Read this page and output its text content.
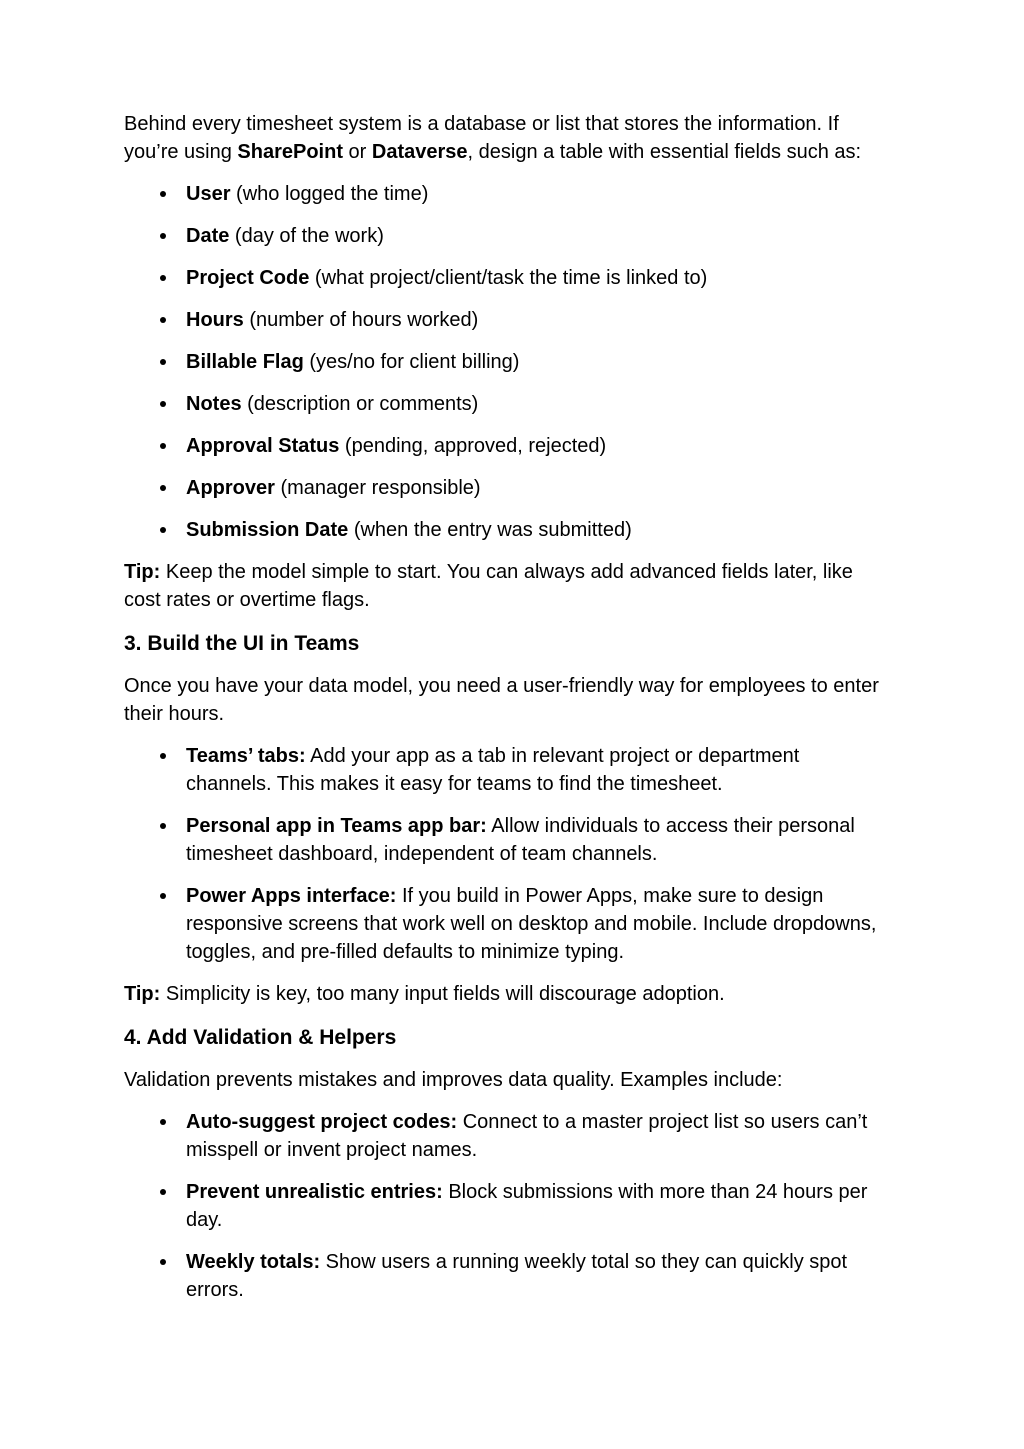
Behind every timesheet system is a database or list that stores the information. If you’re using SharePoint or Dataverse, design a table with essential fields such as:

User (who logged the time)
Date (day of the work)
Project Code (what project/client/task the time is linked to)
Hours (number of hours worked)
Billable Flag (yes/no for client billing)
Notes (description or comments)
Approval Status (pending, approved, rejected)
Approver (manager responsible)
Submission Date (when the entry was submitted)

Tip: Keep the model simple to start. You can always add advanced fields later, like cost rates or overtime flags.

3. Build the UI in Teams

Once you have your data model, you need a user-friendly way for employees to enter their hours.

Teams’ tabs: Add your app as a tab in relevant project or department channels. This makes it easy for teams to find the timesheet.
Personal app in Teams app bar: Allow individuals to access their personal timesheet dashboard, independent of team channels.
Power Apps interface: If you build in Power Apps, make sure to design responsive screens that work well on desktop and mobile. Include dropdowns, toggles, and pre-filled defaults to minimize typing.

Tip: Simplicity is key, too many input fields will discourage adoption.

4. Add Validation & Helpers

Validation prevents mistakes and improves data quality. Examples include:

Auto-suggest project codes: Connect to a master project list so users can’t misspell or invent project names.
Prevent unrealistic entries: Block submissions with more than 24 hours per day.
Weekly totals: Show users a running weekly total so they can quickly spot errors.
